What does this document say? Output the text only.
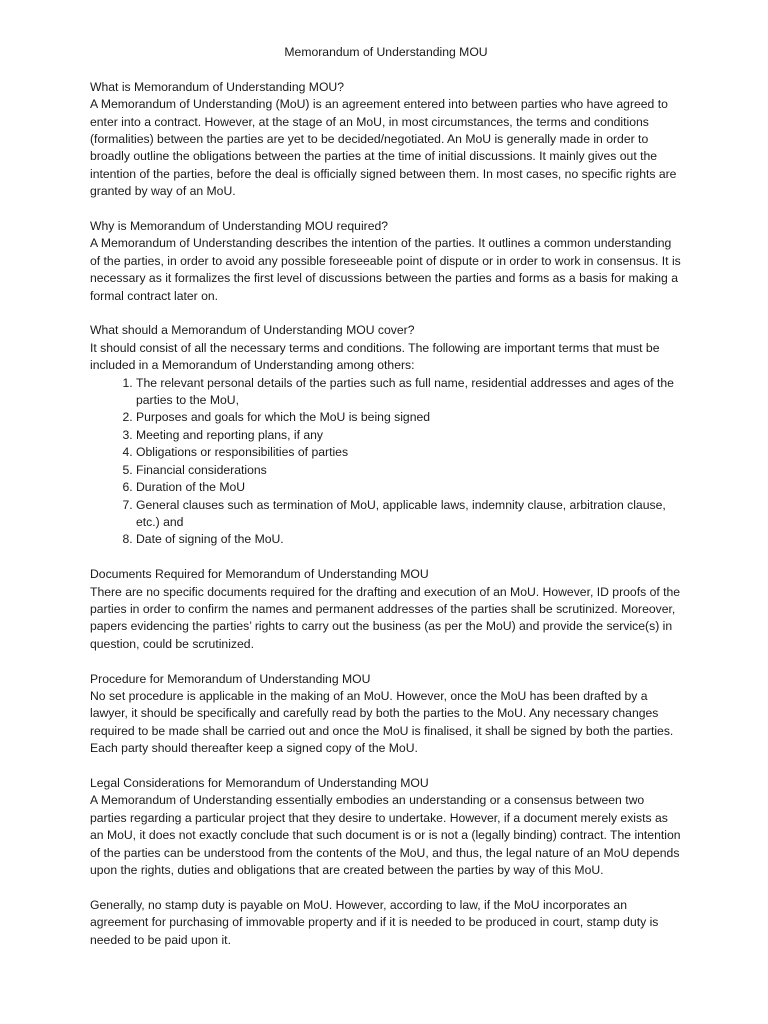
Memorandum of Understanding MOU

What is Memorandum of Understanding MOU?

A Memorandum of Understanding (MoU) is an agreement entered into between parties who have agreed to enter into a contract. However, at the stage of an MoU, in most circumstances, the terms and conditions (formalities) between the parties are yet to be decided/negotiated. An MoU is generally made in order to broadly outline the obligations between the parties at the time of initial discussions. It mainly gives out the intention of the parties, before the deal is officially signed between them. In most cases, no specific rights are granted by way of an MoU.

Why is Memorandum of Understanding MOU required?

A Memorandum of Understanding describes the intention of the parties. It outlines a common understanding of the parties, in order to avoid any possible foreseeable point of dispute or in order to work in consensus. It is necessary as it formalizes the first level of discussions between the parties and forms as a basis for making a formal contract later on.

What should a Memorandum of Understanding MOU cover?

It should consist of all the necessary terms and conditions. The following are important terms that must be included in a Memorandum of Understanding among others:

1. The relevant personal details of the parties such as full name, residential addresses and ages of the parties to the MoU,
2. Purposes and goals for which the MoU is being signed
3. Meeting and reporting plans, if any
4. Obligations or responsibilities of parties
5. Financial considerations
6. Duration of the MoU
7. General clauses such as termination of MoU, applicable laws, indemnity clause, arbitration clause, etc.) and
8. Date of signing of the MoU.

Documents Required for Memorandum of Understanding MOU

There are no specific documents required for the drafting and execution of an MoU. However, ID proofs of the parties in order to confirm the names and permanent addresses of the parties shall be scrutinized. Moreover, papers evidencing the parties’ rights to carry out the business (as per the MoU) and provide the service(s) in question, could be scrutinized.

Procedure for Memorandum of Understanding MOU

No set procedure is applicable in the making of an MoU. However, once the MoU has been drafted by a lawyer, it should be specifically and carefully read by both the parties to the MoU. Any necessary changes required to be made shall be carried out and once the MoU is finalised, it shall be signed by both the parties. Each party should thereafter keep a signed copy of the MoU.

Legal Considerations for Memorandum of Understanding MOU

A Memorandum of Understanding essentially embodies an understanding or a consensus between two parties regarding a particular project that they desire to undertake. However, if a document merely exists as an MoU, it does not exactly conclude that such document is or is not a (legally binding) contract. The intention of the parties can be understood from the contents of the MoU, and thus, the legal nature of an MoU depends upon the rights, duties and obligations that are created between the parties by way of this MoU.

Generally, no stamp duty is payable on MoU. However, according to law, if the MoU incorporates an agreement for purchasing of immovable property and if it is needed to be produced in court, stamp duty is needed to be paid upon it.
